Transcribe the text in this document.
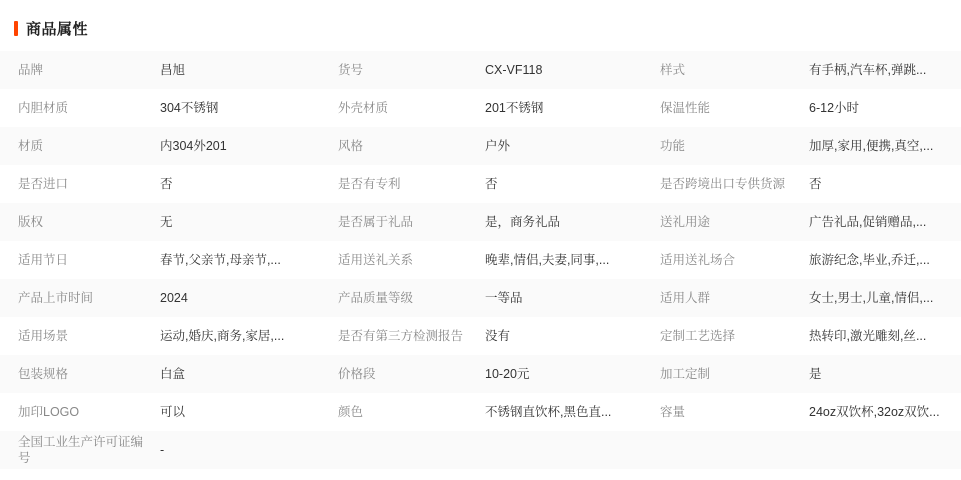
商品属性
品牌	昌旭	货号	CX-VF118	样式	有手柄,汽车杯,弹跳...
内胆材质	304不锈钢	外壳材质	201不锈钢	保温性能	6-12小时
材质	内304外201	风格	户外	功能	加厚,家用,便携,真空,...
是否进口	否	是否有专利	否	是否跨境出口专供货源	否
版权	无	是否属于礼品	是，商务礼品	送礼用途	广告礼品,促销赠品,...
适用节日	春节,父亲节,母亲节,...	适用送礼关系	晚辈,情侣,夫妻,同事,...	适用送礼场合	旅游纪念,毕业,乔迁,...
产品上市时间	2024	产品质量等级	一等品	适用人群	女士,男士,儿童,情侣,...
适用场景	运动,婚庆,商务,家居,...	是否有第三方检测报告	没有	定制工艺选择	热转印,激光雕刻,丝...
包装规格	白盒	价格段	10-20元	加工定制	是
加印LOGO	可以	颜色	不锈钢直饮杯,黑色直...	容量	24oz双饮杯,32oz双饮...
全国工业生产许可证编号	-				
